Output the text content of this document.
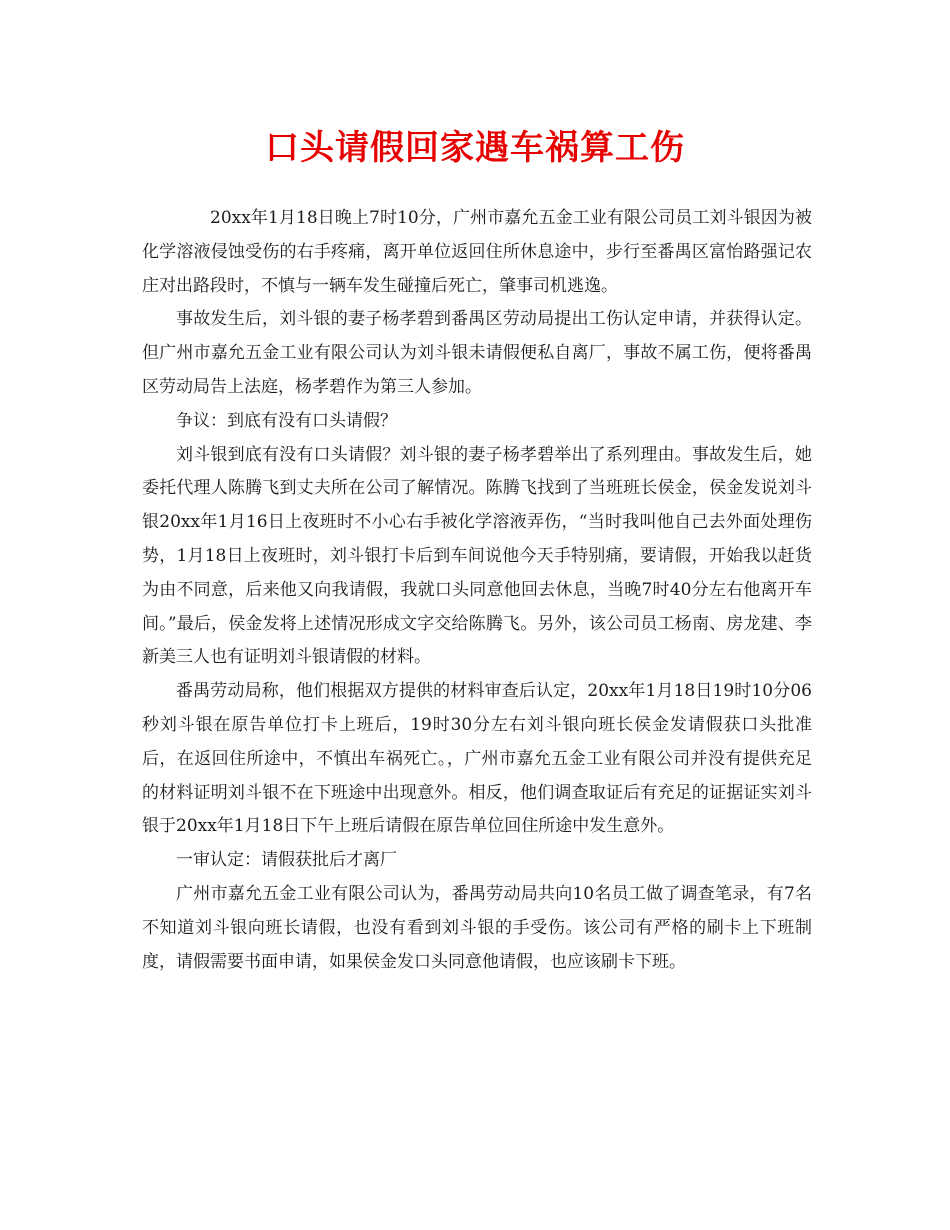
口头请假回家遇车祸算工伤

20xx年1月18日晚上7时10分，广州市嘉允五金工业有限公司员工刘斗银因为被化学溶液侵蚀受伤的右手疼痛，离开单位返回住所休息途中，步行至番禺区富怡路强记农庄对出路段时，不慎与一辆车发生碰撞后死亡，肇事司机逃逸。

事故发生后，刘斗银的妻子杨孝碧到番禺区劳动局提出工伤认定申请，并获得认定。但广州市嘉允五金工业有限公司认为刘斗银未请假便私自离厂，事故不属工伤，便将番禺区劳动局告上法庭，杨孝碧作为第三人参加。

争议：到底有没有口头请假？

刘斗银到底有没有口头请假？刘斗银的妻子杨孝碧举出了系列理由。事故发生后，她委托代理人陈腾飞到丈夫所在公司了解情况。陈腾飞找到了当班班长侯金，侯金发说刘斗银20xx年1月16日上夜班时不小心右手被化学溶液弄伤，“当时我叫他自己去外面处理伤势，1月18日上夜班时，刘斗银打卡后到车间说他今天手特别痛，要请假，开始我以赶货为由不同意，后来他又向我请假，我就口头同意他回去休息，当晚7时40分左右他离开车间。”最后，侯金发将上述情况形成文字交给陈腾飞。另外，该公司员工杨南、房龙建、李新美三人也有证明刘斗银请假的材料。

番禺劳动局称，他们根据双方提供的材料审查后认定，20xx年1月18日19时10分06秒刘斗银在原告单位打卡上班后，19时30分左右刘斗银向班长侯金发请假获口头批准后，在返回住所途中，不慎出车祸死亡。，广州市嘉允五金工业有限公司并没有提供充足的材料证明刘斗银不在下班途中出现意外。相反，他们调查取证后有充足的证据证实刘斗银于20xx年1月18日下午上班后请假在原告单位回住所途中发生意外。

一审认定：请假获批后才离厂

广州市嘉允五金工业有限公司认为，番禺劳动局共向10名员工做了调查笔录，有7名不知道刘斗银向班长请假，也没有看到刘斗银的手受伤。该公司有严格的刷卡上下班制度，请假需要书面申请，如果侯金发口头同意他请假，也应该刷卡下班。
